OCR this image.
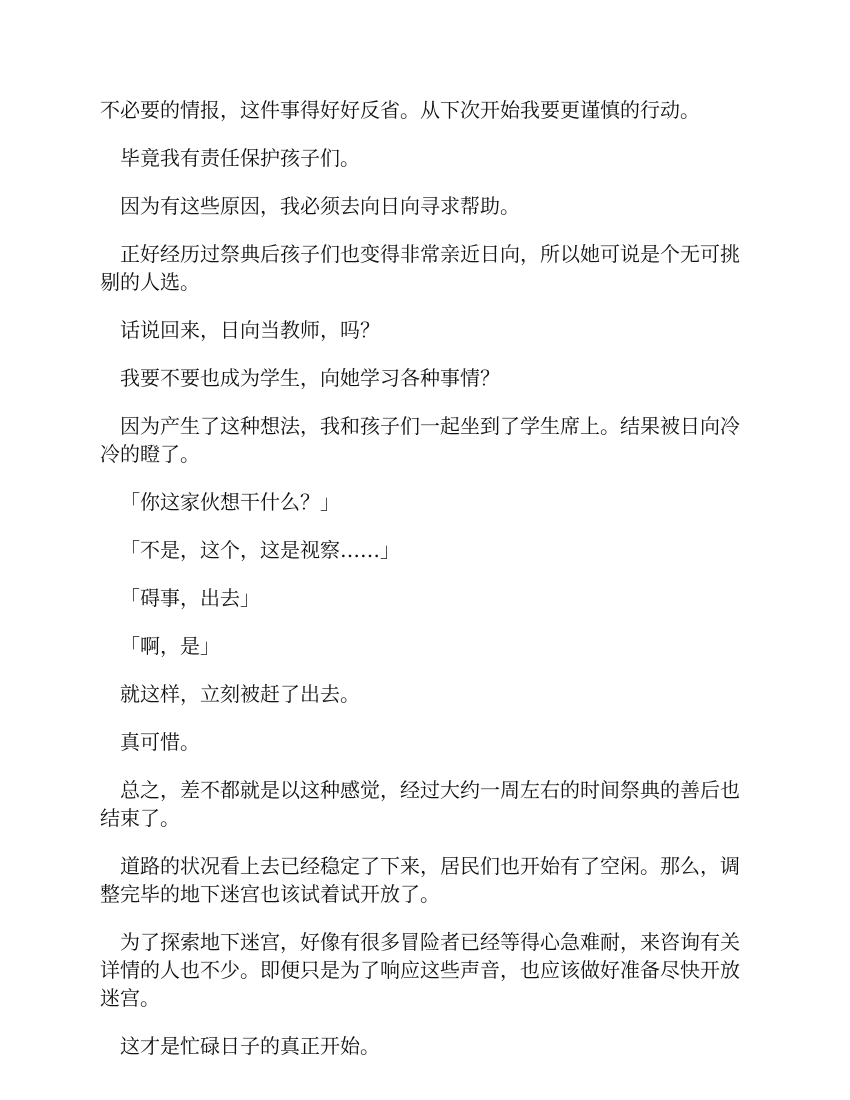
不必要的情报，这件事得好好反省。从下次开始我要更谨慎的行动。

毕竟我有责任保护孩子们。

因为有这些原因，我必须去向日向寻求帮助。

正好经历过祭典后孩子们也变得非常亲近日向，所以她可说是个无可挑剔的人选。

话说回来，日向当教师，吗？

我要不要也成为学生，向她学习各种事情？

因为产生了这种想法，我和孩子们一起坐到了学生席上。结果被日向冷冷的瞪了。

「你这家伙想干什么？」

「不是，这个，这是视察……」

「碍事，出去」

「啊，是」

就这样，立刻被赶了出去。

真可惜。

总之，差不都就是以这种感觉，经过大约一周左右的时间祭典的善后也结束了。

道路的状况看上去已经稳定了下来，居民们也开始有了空闲。那么，调整完毕的地下迷宫也该试着试开放了。

为了探索地下迷宫，好像有很多冒险者已经等得心急难耐，来咨询有关详情的人也不少。即便只是为了响应这些声音，也应该做好准备尽快开放迷宫。

这才是忙碌日子的真正开始。
